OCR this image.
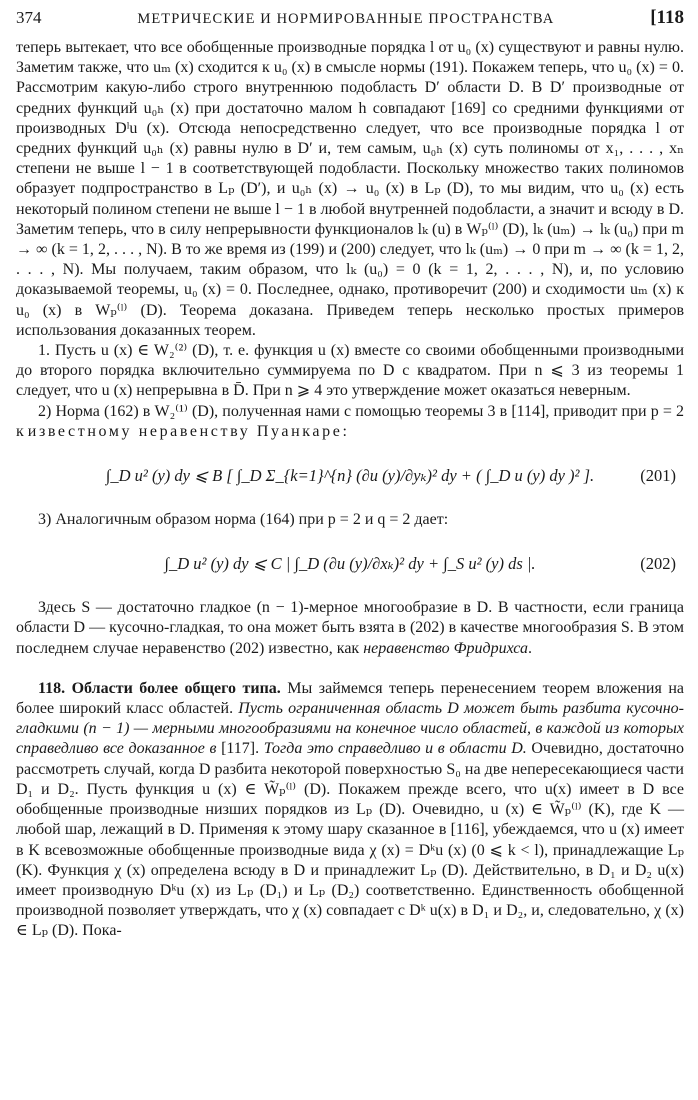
374	МЕТРИЧЕСКИЕ И НОРМИРОВАННЫЕ ПРОСТРАНСТВА	[118

теперь вытекает, что все обобщенные производные порядка l от u₀ (x) существуют и равны нулю. Заметим также, что uₘ (x) сходится к u₀ (x) в смысле нормы (191). Покажем теперь, что u₀ (x) = 0. Рассмотрим какую-либо строго внутреннюю подобласть D′ области D. В D′ производные от средних функций u₀ₕ (x) при достаточно малом h совпадают [169] со средними функциями от производных Dˡu (x). Отсюда непосредственно следует, что все производные порядка l от средних функций u₀ₕ (x) равны нулю в D′ и, тем самым, u₀ₕ (x) суть полиномы от x₁, . . . , xₙ степени не выше l − 1 в соответствующей подобласти. Поскольку множество таких полиномов образует подпространство в Lₚ (D′), и u₀ₕ (x) → u₀ (x) в Lₚ (D), то мы видим, что u₀ (x) есть некоторый полином степени не выше l − 1 в любой внутренней подобласти, а значит и всюду в D. Заметим теперь, что в силу непрерывности функционалов lₖ (u) в Wₚ⁽ˡ⁾ (D), lₖ (uₘ) → lₖ (u₀) при m → ∞ (k = 1, 2, . . . , N). В то же время из (199) и (200) следует, что lₖ (uₘ) → 0 при m → ∞ (k = 1, 2, . . . , N). Мы получаем, таким образом, что lₖ (u₀) = 0 (k = 1, 2, . . . , N), и, по условию доказываемой теоремы, u₀ (x) = 0. Последнее, однако, противоречит (200) и сходимости uₘ (x) к u₀ (x) в Wₚ⁽ˡ⁾ (D). Теорема доказана. Приведем теперь несколько простых примеров использования доказанных теорем.

1. Пусть u (x) ∈ W₂⁽²⁾ (D), т. е. функция u (x) вместе со своими обобщенными производными до второго порядка включительно суммируема по D с квадратом. При n ⩽ 3 из теоремы 1 следует, что u (x) непрерывна в D̄. При n ⩾ 4 это утверждение может оказаться неверным.

2) Норма (162) в W₂⁽¹⁾ (D), полученная нами с помощью теоремы 3 в [114], приводит при p = 2 к известному неравенству Пуанкаре:

∫_D u² (y) dy ⩽ B [ ∫_D Σ_{k=1}^{n} (∂u (y)/∂yₖ)² dy + ( ∫_D u (y) dy )² ].	(201)

3) Аналогичным образом норма (164) при p = 2 и q = 2 дает:

∫_D u² (y) dy ⩽ C | ∫_D (∂u (y)/∂xₖ)² dy + ∫_S u² (y) ds |.	(202)

Здесь S — достаточно гладкое (n − 1)-мерное многообразие в D. В частности, если граница области D — кусочно-гладкая, то она может быть взята в (202) в качестве многообразия S. В этом последнем случае неравенство (202) известно, как неравенство Фридрихса.

118. Области более общего типа. Мы займемся теперь перенесением теорем вложения на более широкий класс областей. Пусть ограниченная область D может быть разбита кусочно-гладкими (n − 1) — мерными многообразиями на конечное число областей, в каждой из которых справедливо все доказанное в [117]. Тогда это справедливо и в области D. Очевидно, достаточно рассмотреть случай, когда D разбита некоторой поверхностью S₀ на две непересекающиеся части D₁ и D₂. Пусть функция u (x) ∈ W̃ₚ⁽ˡ⁾ (D). Покажем прежде всего, что u(x) имеет в D все обобщенные производные низших порядков из Lₚ (D). Очевидно, u (x) ∈ W̃ₚ⁽ˡ⁾ (K), где K — любой шар, лежащий в D. Применяя к этому шару сказанное в [116], убеждаемся, что u (x) имеет в K всевозможные обобщенные производные вида χ (x) = Dᵏu (x) (0 ⩽ k < l), принадлежащие Lₚ (K). Функция χ (x) определена всюду в D и принадлежит Lₚ (D). Действительно, в D₁ и D₂ u(x) имеет производную Dᵏu (x) из Lₚ (D₁) и Lₚ (D₂) соответственно. Единственность обобщенной производной позволяет утверждать, что χ (x) совпадает с Dᵏ u(x) в D₁ и D₂, и, следовательно, χ (x) ∈ Lₚ (D). Пока-
